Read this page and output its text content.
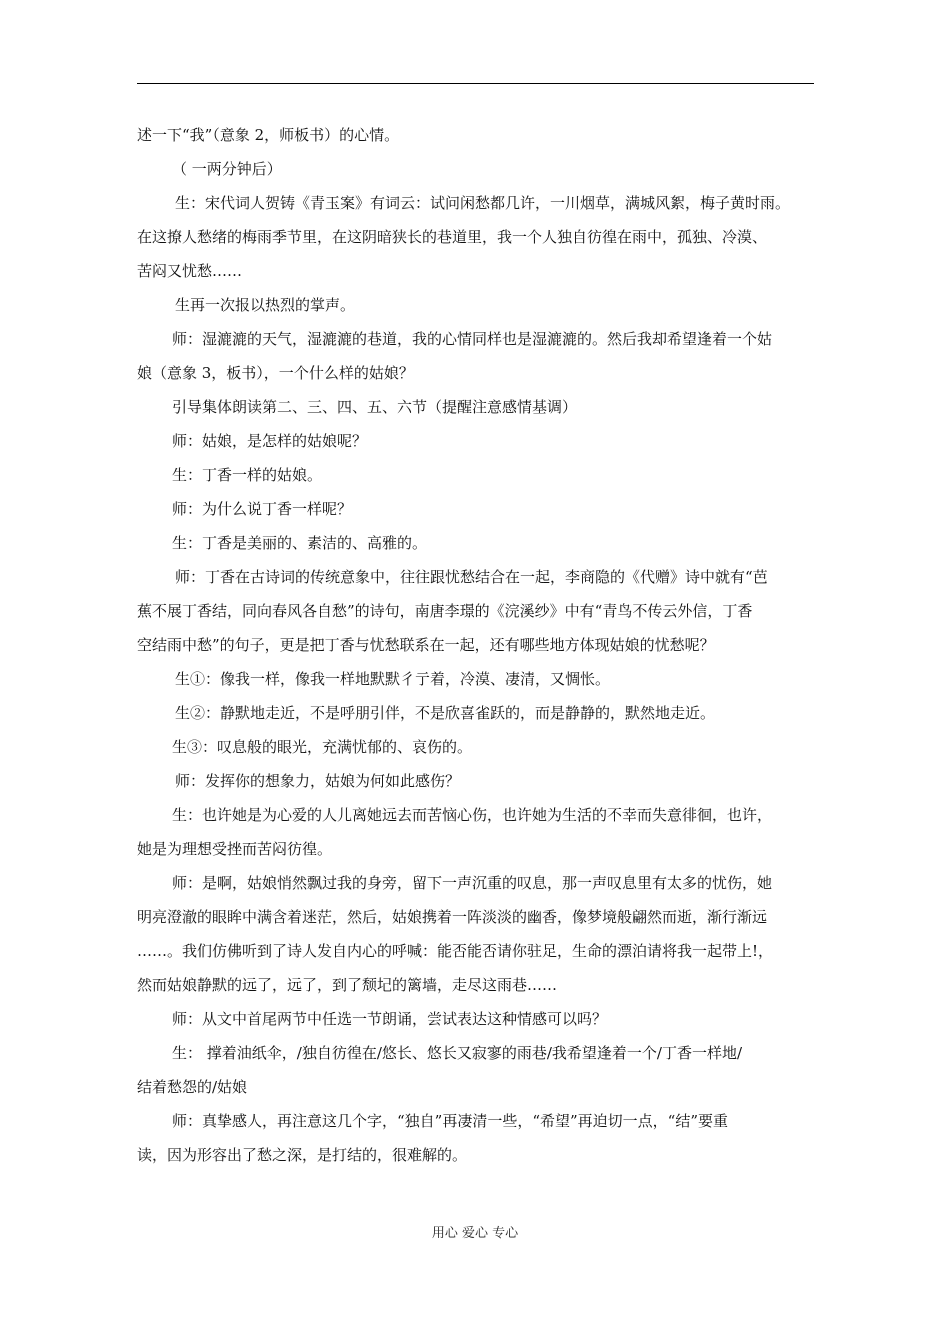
述一下“我”（意象 2，师板书）的心情。

（ 一两分钟后）

生：宋代词人贺铸《青玉案》有词云：试问闲愁都几许，一川烟草，满城风絮，梅子黄时雨。

在这撩人愁绪的梅雨季节里，在这阴暗狭长的巷道里，我一个人独自彷徨在雨中，孤独、冷漠、

苦闷又忧愁……

生再一次报以热烈的掌声。

师：湿漉漉的天气，湿漉漉的巷道，我的心情同样也是湿漉漉的。然后我却希望逢着一个姑

娘（意象 3，板书），一个什么样的姑娘？

引导集体朗读第二、三、四、五、六节（提醒注意感情基调）

师：姑娘，是怎样的姑娘呢？

生：丁香一样的姑娘。

师：为什么说丁香一样呢？

生：丁香是美丽的、素洁的、高雅的。

师：丁香在古诗词的传统意象中，往往跟忧愁结合在一起，李商隐的《代赠》诗中就有“芭

蕉不展丁香结，同向春风各自愁”的诗句，南唐李璟的《浣溪纱》中有“青鸟不传云外信，丁香

空结雨中愁”的句子，更是把丁香与忧愁联系在一起，还有哪些地方体现姑娘的忧愁呢？

生①：像我一样，像我一样地默默彳亍着，冷漠、凄清，又惆怅。

生②：静默地走近，不是呼朋引伴，不是欣喜雀跃的，而是静静的，默然地走近。

生③：叹息般的眼光，充满忧郁的、哀伤的。

师：发挥你的想象力，姑娘为何如此感伤？

生：也许她是为心爱的人儿离她远去而苦恼心伤，也许她为生活的不幸而失意徘徊，也许，

她是为理想受挫而苦闷彷徨。

师：是啊，姑娘悄然飘过我的身旁，留下一声沉重的叹息，那一声叹息里有太多的忧伤，她

明亮澄澈的眼眸中满含着迷茫，然后，姑娘携着一阵淡淡的幽香，像梦境般翩然而逝，渐行渐远

……。我们仿佛听到了诗人发自内心的呼喊：能否能否请你驻足，生命的漂泊请将我一起带上!，

然而姑娘静默的远了，远了，到了颓圮的篱墙，走尽这雨巷……

师：从文中首尾两节中任选一节朗诵，尝试表达这种情感可以吗？

生： 撑着油纸伞，/独自彷徨在/悠长、悠长又寂寥的雨巷/我希望逢着一个/丁香一样地/

结着愁怨的/姑娘

师：真挚感人，再注意这几个字，“独自”再凄清一些，“希望”再迫切一点，“结”要重

读，因为形容出了愁之深，是打结的，很难解的。

用心 爱心 专心
